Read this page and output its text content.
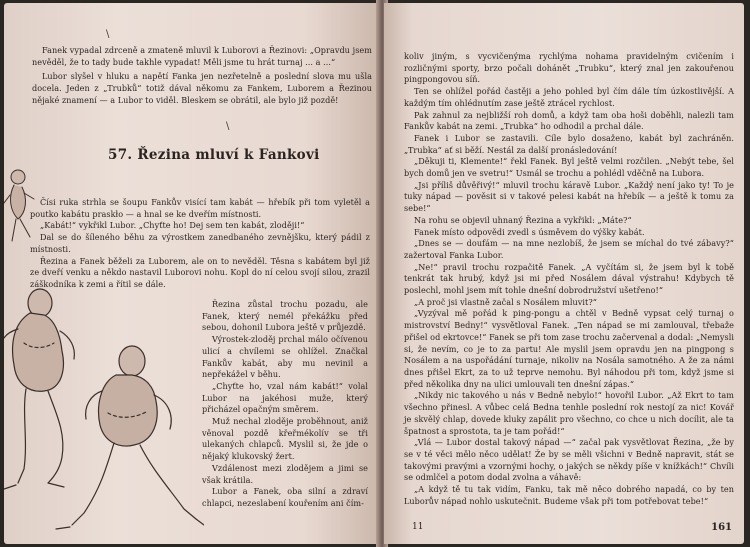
\

Fanek vypadal zdrceně a zmateně mluvil k Luborovi a Řezinovi: „Opravdu jsem nevěděl, že to tady bude takhle vypadat! Měli jsme tu hrát turnaj ... a ...“

Lubor slyšel v hluku a napětí Fanka jen nezřetelně a poslední slova mu ušla docela. Jeden z „Trubků“ totiž dával někomu za Fankem, Luborem a Řezinou nějaké znamení — a Lubor to viděl. Bleskem se obrátil, ale bylo již pozdě!

\
57. Řezina mluví k Fankovi

Čísi ruka strhla se šoupu Fankův visící tam kabát — hřebík při tom vyletěl a poutko kabátu praskło — a hnal se ke dveřím místnosti.

„Kabát!“ vykřikl Lubor. „Chyťte ho! Dej sem ten kabát, zloději!“

Dal se do šíleného běhu za výrostkem zanedbaného zevnějšku, který pádil z místnosti.

Řezina a Fanek běželi za Luborem, ale on to nevěděl. Těsna s kabátem byl již ze dveří venku a někdo nastavil Luborovi nohu. Kopl do ní celou svojí silou, zrazil záškodníka k zemi a řítil se dále.

Řezina zůstal trochu pozadu, ale Fanek, který nemél překážku před sebou, dohonil Lubora ještě v průjezdě.

Výrostek-zloděj prchal málo očívenou ulicí a chvílemi se ohlížel. Značkal Fankův kabát, aby mu nevinil a nepřekážel v běhu.

„Chyťte ho, vzal nám kabát!“ volal Lubor na jakéhosi muže, který přicházel opačným směrem.

Muž nechal zloděje proběhnout, aniž věnoval pozdě křeřmékolív se tři ulekaných chlapců. Myslil si, že jde o nějaký klukovský žert.

Vzdálenost mezi zlodějem a jimi se však krátila.

Lubor a Fanek, oba silní a zdraví chlapci, nezeslabení kouřením ani čím-

koliv jiným, s vycvičenýma rychlýma nohama pravidelným cvičením i rozličnými sporty, brzo počali dohánět „Trubku“, který znal jen zakouřenou pingpongovou síň.

Ten se ohlížel pořád častěji a jeho pohled byl čím dále tím úzkostlivější. A každým tím ohlédnutím zase ještě ztrácel rychlost.

Pak zahnul za nejbližší roh domů, a když tam oba hoši doběhli, nalezli tam Fankův kabát na zemi. „Trubka“ ho odhodil a prchal dále.

Fanek i Lubor se zastavili. Cíle bylo dosaženo, kabát byl zachráněn. „Trubka“ ať si běží. Nestál za další pronásledování!

„Děkuji ti, Klemente!“ řekl Fanek. Byl ještě velmi rozčilen. „Nebýt tebe, šel bych domů jen ve svetru!“ Usmál se trochu a pohlédl vděčně na Lubora.

„Jsi příliš důvěřivý!“ mluvil trochu káravě Lubor. „Každý není jako ty! To je tuky nápad — pověsit si v takové pelesi kabát na hřebík — a ještě k tomu za sebe!“

Na rohu se objevil uhnaný Řezina a vykřikl: „Máte?“

Fanek místo odpovědi zvedl s úsměvem do výšky kabát.

„Dnes se — doufám — na mne nezlobíš, že jsem se míchal do tvé zábavy?“ zažertoval Fanka Lubor.

„Ne!“ pravil trochu rozpačitě Fanek. „A vyčítám si, že jsem byl k tobě tenkrát tak hrubý, když jsi mi před Nosálem dával výstrahu! Kdybych tě poslechl, mohl jsem mít tohle dnešní dobrodružství ušetřeno!“

„A proč jsi vlastně začal s Nosálem mluvit?“

„Vyzýval mě pořád k ping-pongu a chtěl v Bedně vypsat celý turnaj o mistrovství Bedny!“ vysvětloval Fanek. „Ten nápad se mi zamlouval, třebaže přišel od ekrtovce!“ Fanek se při tom zase trochu začervenal a dodal: „Nemysli si, že nevím, co je to za partu! Ale myslil jsem opravdu jen na pingpong s Nosálem a na uspořádání turnaje, nikoliv na Nosála samotného. A že za námi dnes přišel Ekrt, za to už teprve nemohu. Byl náhodou při tom, když jsme si před několika dny na ulici umlouvali ten dnešní zápas.“

„Nikdy nic takového u nás v Bedně nebylo!“ hovořil Lubor. „Až Ekrt to tam všechno přinesl. A vůbec celá Bedna tenhle poslední rok nestojí za nic! Kovář je skvělý chlap, dovede kluky zapálit pro všechno, co chce u nich docílit, ale ta špatnost a sprostota, ta je tam pořád!“

„Vlá — Lubor dostal takový nápad —“ začal pak vysvětlovat Řezina, „že by se v té věci mělo něco udělat! Že by se měli všichni v Bedně napravit, stát se takovými pravými a vzornými hochy, o jakých se někdy píše v knížkách!“ Chvíli se odmlčel a potom dodal zvolna a váhavě:

„A když tě tu tak vidím, Fanku, tak mě něco dobrého napadá, co by ten Luborův nápad nohlo uskutečnit. Budeme však při tom potřebovat tebe!“

11	161
